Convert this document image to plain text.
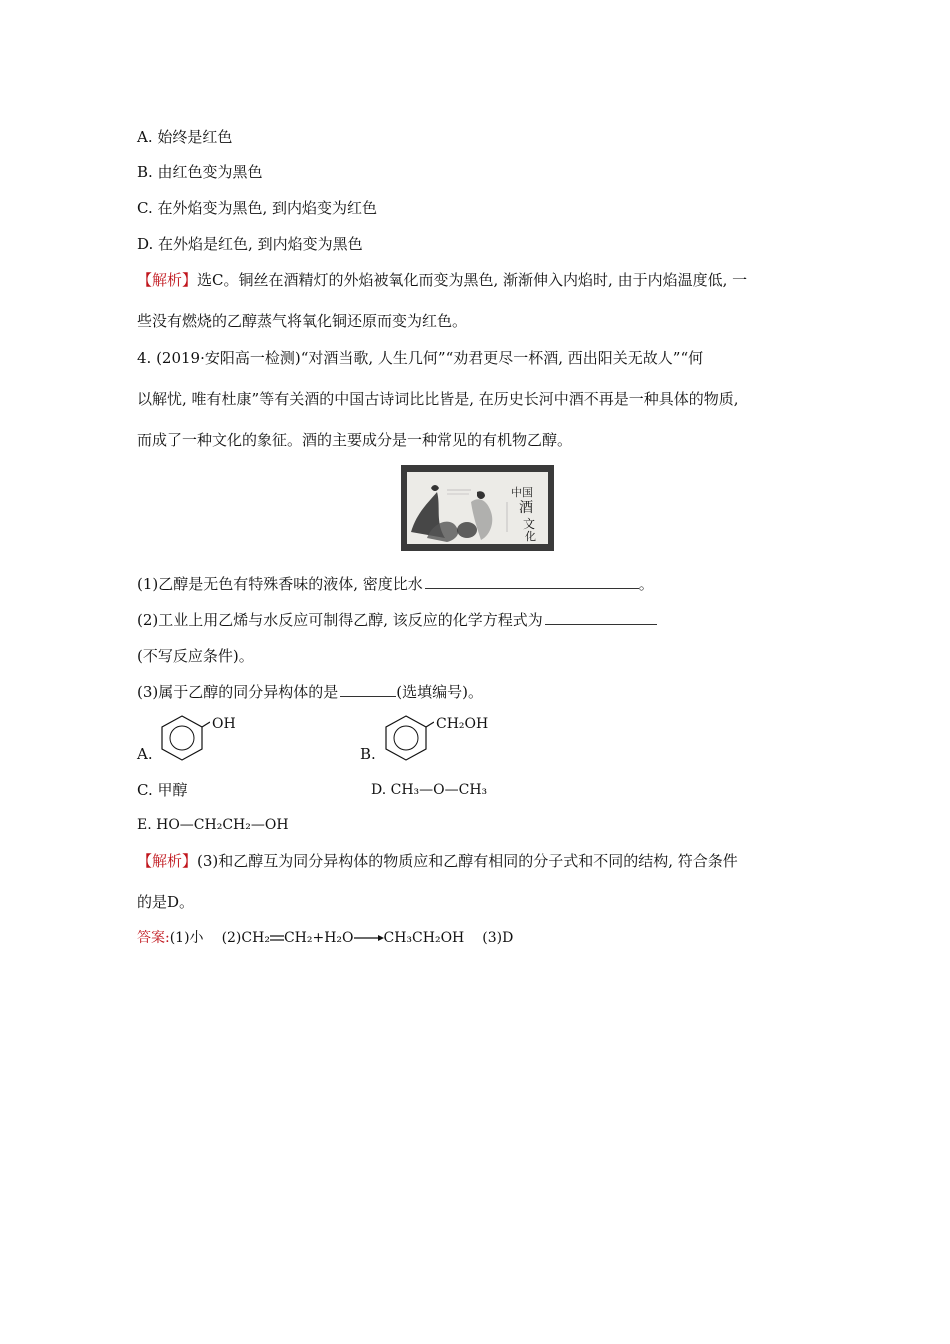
A. 始终是红色
B. 由红色变为黑色
C. 在外焰变为黑色, 到内焰变为红色
D. 在外焰是红色, 到内焰变为黑色
【解析】选C。铜丝在酒精灯的外焰被氧化而变为黑色, 渐渐伸入内焰时, 由于内焰温度低, 一
些没有燃烧的乙醇蒸气将氧化铜还原而变为红色。
4. (2019·安阳高一检测)“对酒当歌, 人生几何”“劝君更尽一杯酒, 西出阳关无故人”“何
以解忧, 唯有杜康”等有关酒的中国古诗词比比皆是, 在历史长河中酒不再是一种具体的物质,
而成了一种文化的象征。酒的主要成分是一种常见的有机物乙醇。
中国
酒
文
化
(1)乙醇是无色有特殊香味的液体, 密度比水	。
(2)工业上用乙烯与水反应可制得乙醇, 该反应的化学方程式为
(不写反应条件)。
(3)属于乙醇的同分异构体的是	(选填编号)。
A.
OH
B.
CH₂OH
C. 甲醇	D. CH₃—O—CH₃
E. HO—CH₂CH₂—OH
【解析】(3)和乙醇互为同分异构体的物质应和乙醇有相同的分子式和不同的结构, 符合条件
的是D。
答案:(1)小 (2)CH₂ CH₂+H₂O→CH₃CH₂OH (3)D
